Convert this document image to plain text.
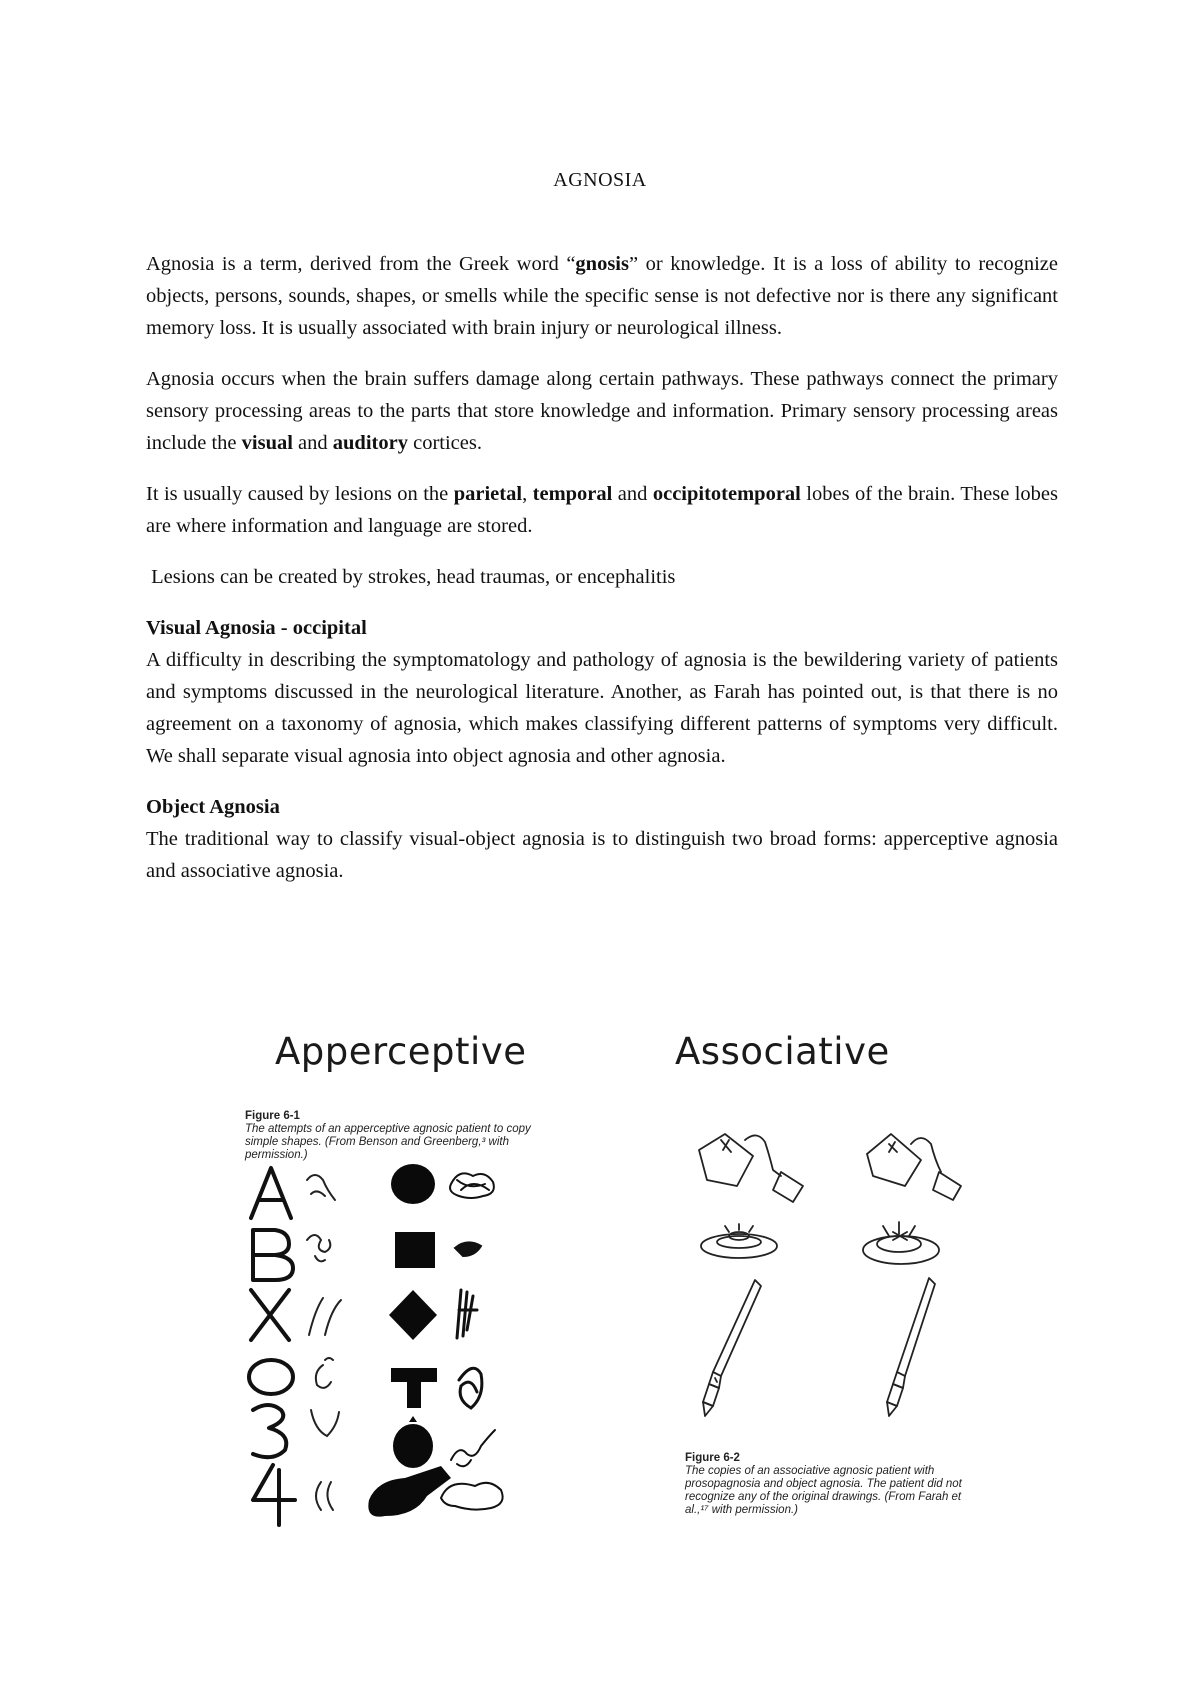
AGNOSIA

Agnosia is a term, derived from the Greek word “gnosis” or knowledge. It is a loss of ability to recognize objects, persons, sounds, shapes, or smells while the specific sense is not defective nor is there any significant memory loss. It is usually associated with brain injury or neurological illness.

Agnosia occurs when the brain suffers damage along certain pathways. These pathways connect the primary sensory processing areas to the parts that store knowledge and information. Primary sensory processing areas include the visual and auditory cortices.

It is usually caused by lesions on the parietal, temporal and occipitotemporal lobes of the brain. These lobes are where information and language are stored.

Lesions can be created by strokes, head traumas, or encephalitis

Visual Agnosia - occipital

A difficulty in describing the symptomatology and pathology of agnosia is the bewildering variety of patients and symptoms discussed in the neurological literature. Another, as Farah has pointed out, is that there is no agreement on a taxonomy of agnosia, which makes classifying different patterns of symptoms very difficult. We shall separate visual agnosia into object agnosia and other agnosia.

Object Agnosia

The traditional way to classify visual-object agnosia is to distinguish two broad forms: apperceptive agnosia and associative agnosia.

Apperceptive
Figure 6-1
The attempts of an apperceptive agnosic patient to copy simple shapes. (From Benson and Greenberg,³ with permission.)
Associative
Figure 6-2
The copies of an associative agnosic patient with prosopagnosia and object agnosia. The patient did not recognize any of the original drawings. (From Farah et al.,¹⁷ with permission.)
